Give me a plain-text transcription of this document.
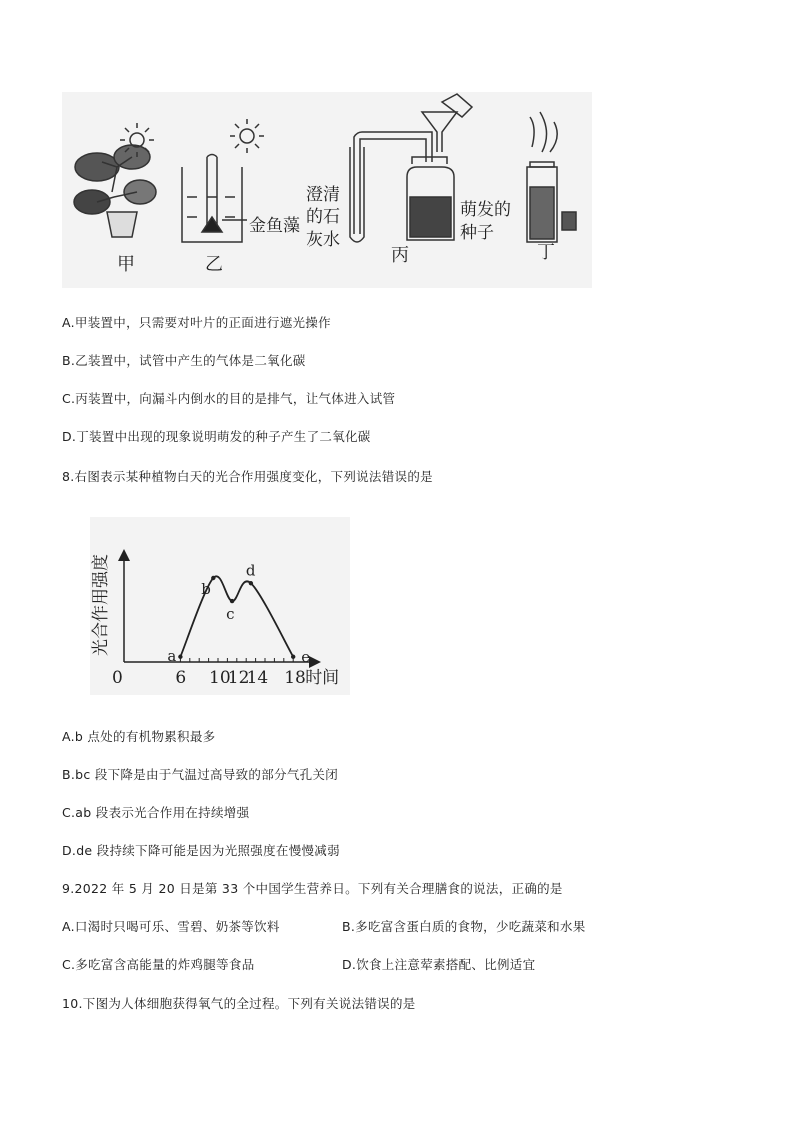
甲	乙
金鱼藻
澄清
的石
灰水
丙
萌发的
种子
丁
A.甲装置中，只需要对叶片的正面进行遮光操作
B.乙装置中，试管中产生的气体是二氧化碳
C.丙装置中，向漏斗内倒水的目的是排气，让气体进入试管
D.丁装置中出现的现象说明萌发的种子产生了二氧化碳
8.右图表示某种植物白天的光合作用强度变化，下列说法错误的是
a
b
c
d
e
0	6 10
12
14 18 时间
光合作用强度
A.b 点处的有机物累积最多
B.bc 段下降是由于气温过高导致的部分气孔关闭
C.ab 段表示光合作用在持续增强
D.de 段持续下降可能是因为光照强度在慢慢减弱
9.2022 年 5 月 20 日是第 33 个中国学生营养日。下列有关合理膳食的说法，正确的是
A.口渴时只喝可乐、雪碧、奶茶等饮料	B.多吃富含蛋白质的食物，少吃蔬菜和水果
C.多吃富含高能量的炸鸡腿等食品	D.饮食上注意荤素搭配、比例适宜
10.下图为人体细胞获得氧气的全过程。下列有关说法错误的是
